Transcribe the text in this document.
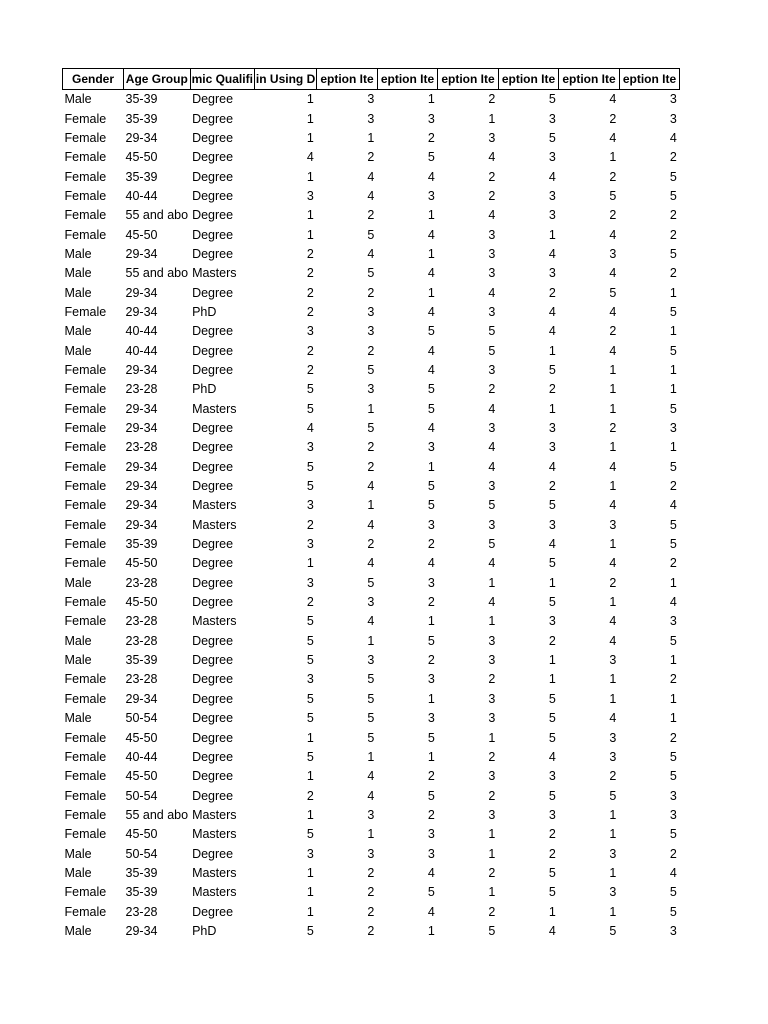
Gender	Age Group	mic Qualifi	in Using D	eption Ite	eption Ite	eption Ite	eption Ite	eption Ite	eption Ite
Male	35-39	Degree	1	3	1	2	5	4	3
Female	35-39	Degree	1	3	3	1	3	2	3
Female	29-34	Degree	1	1	2	3	5	4	4
Female	45-50	Degree	4	2	5	4	3	1	2
Female	35-39	Degree	1	4	4	2	4	2	5
Female	40-44	Degree	3	4	3	2	3	5	5
Female	55 and abo	Degree	1	2	1	4	3	2	2
Female	45-50	Degree	1	5	4	3	1	4	2
Male	29-34	Degree	2	4	1	3	4	3	5
Male	55 and abo	Masters	2	5	4	3	3	4	2
Male	29-34	Degree	2	2	1	4	2	5	1
Female	29-34	PhD	2	3	4	3	4	4	5
Male	40-44	Degree	3	3	5	5	4	2	1
Male	40-44	Degree	2	2	4	5	1	4	5
Female	29-34	Degree	2	5	4	3	5	1	1
Female	23-28	PhD	5	3	5	2	2	1	1
Female	29-34	Masters	5	1	5	4	1	1	5
Female	29-34	Degree	4	5	4	3	3	2	3
Female	23-28	Degree	3	2	3	4	3	1	1
Female	29-34	Degree	5	2	1	4	4	4	5
Female	29-34	Degree	5	4	5	3	2	1	2
Female	29-34	Masters	3	1	5	5	5	4	4
Female	29-34	Masters	2	4	3	3	3	3	5
Female	35-39	Degree	3	2	2	5	4	1	5
Female	45-50	Degree	1	4	4	4	5	4	2
Male	23-28	Degree	3	5	3	1	1	2	1
Female	45-50	Degree	2	3	2	4	5	1	4
Female	23-28	Masters	5	4	1	1	3	4	3
Male	23-28	Degree	5	1	5	3	2	4	5
Male	35-39	Degree	5	3	2	3	1	3	1
Female	23-28	Degree	3	5	3	2	1	1	2
Female	29-34	Degree	5	5	1	3	5	1	1
Male	50-54	Degree	5	5	3	3	5	4	1
Female	45-50	Degree	1	5	5	1	5	3	2
Female	40-44	Degree	5	1	1	2	4	3	5
Female	45-50	Degree	1	4	2	3	3	2	5
Female	50-54	Degree	2	4	5	2	5	5	3
Female	55 and abo	Masters	1	3	2	3	3	1	3
Female	45-50	Masters	5	1	3	1	2	1	5
Male	50-54	Degree	3	3	3	1	2	3	2
Male	35-39	Masters	1	2	4	2	5	1	4
Female	35-39	Masters	1	2	5	1	5	3	5
Female	23-28	Degree	1	2	4	2	1	1	5
Male	29-34	PhD	5	2	1	5	4	5	3
